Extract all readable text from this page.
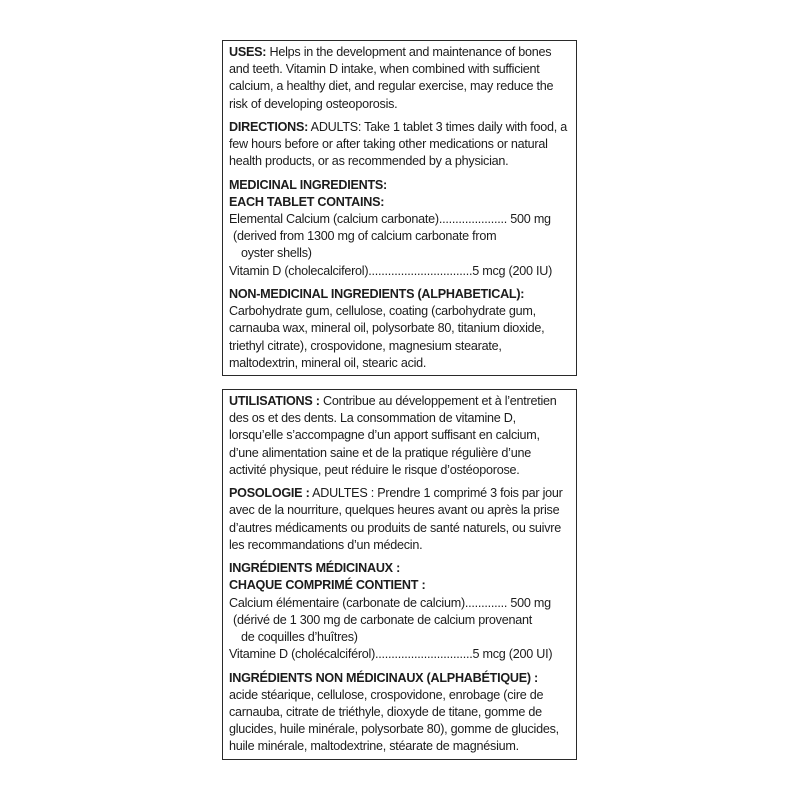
USES: Helps in the development and maintenance of bones and teeth. Vitamin D intake, when combined with sufficient calcium, a healthy diet, and regular exercise, may reduce the risk of developing osteoporosis.

DIRECTIONS: ADULTS: Take 1 tablet 3 times daily with food, a few hours before or after taking other medications or natural health products, or as recommended by a physician.

MEDICINAL INGREDIENTS:
EACH TABLET CONTAINS:
Elemental Calcium (calcium carbonate)..................... 500 mg
(derived from 1300 mg of calcium carbonate from
oyster shells)
Vitamin D (cholecalciferol)................................5 mcg (200 IU)
NON-MEDICINAL INGREDIENTS (ALPHABETICAL):

Carbohydrate gum, cellulose, coating (carbohydrate gum, carnauba wax, mineral oil, polysorbate 80, titanium dioxide, triethyl citrate), crospovidone, magnesium stearate, maltodextrin, mineral oil, stearic acid.

UTILISATIONS : Contribue au développement et à l’entretien des os et des dents. La consommation de vitamine D, lorsqu’elle s’accompagne d’un apport suffisant en calcium, d’une alimentation saine et de la pratique régulière d’une activité physique, peut réduire le risque d’ostéoporose.

POSOLOGIE : ADULTES : Prendre 1 comprimé 3 fois par jour avec de la nourriture, quelques heures avant ou après la prise d’autres médicaments ou produits de santé naturels, ou suivre les recommandations d’un médecin.

INGRÉDIENTS MÉDICINAUX :
CHAQUE COMPRIMÉ CONTIENT :
Calcium élémentaire (carbonate de calcium)............. 500 mg
(dérivé de 1 300 mg de carbonate de calcium provenant
de coquilles d’huîtres)
Vitamine D (cholécalciférol)..............................5 mcg (200 UI)
INGRÉDIENTS NON MÉDICINAUX (ALPHABÉTIQUE) :

acide stéarique, cellulose, crospovidone, enrobage (cire de carnauba, citrate de triéthyle, dioxyde de titane, gomme de glucides, huile minérale, polysorbate 80), gomme de glucides, huile minérale, maltodextrine, stéarate de magnésium.
